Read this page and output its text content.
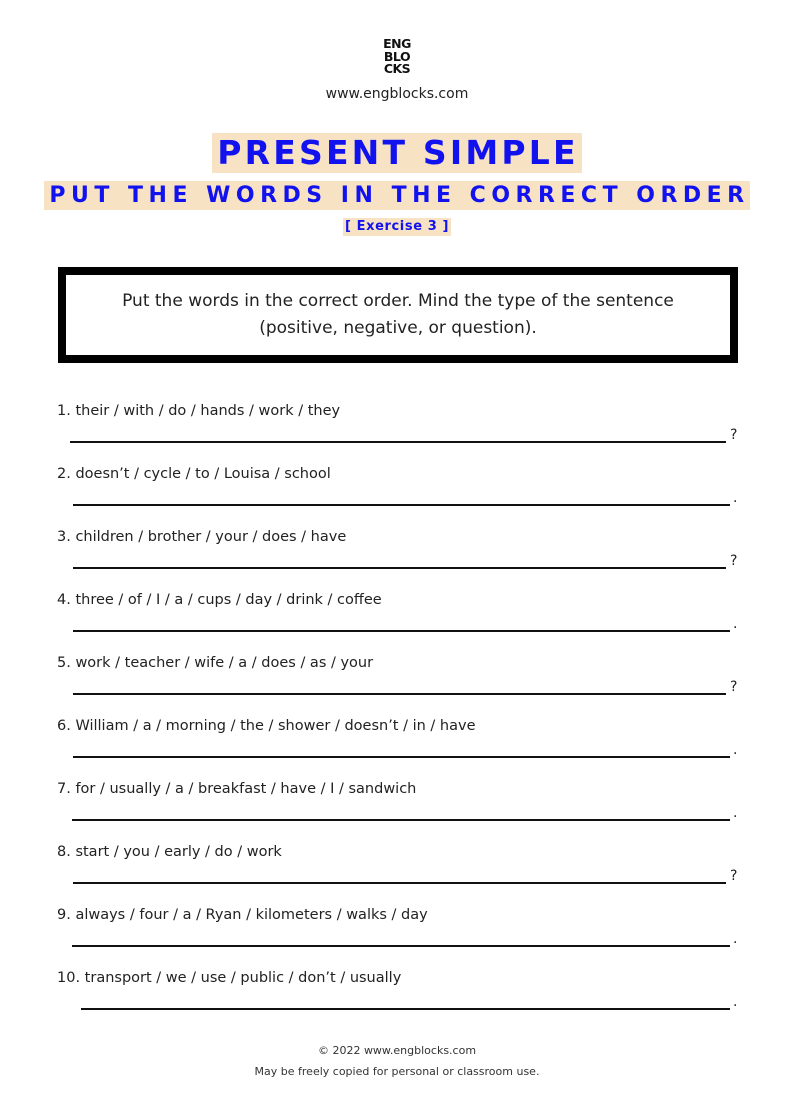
ENG
BLO
CKS
www.engblocks.com
PRESENT SIMPLE
PUT THE WORDS IN THE CORRECT ORDER
[ Exercise 3 ]
Put the words in the correct order. Mind the type of the sentence (positive, negative, or question).
1. their / with / do / hands / work / they
?
2. doesn’t / cycle / to / Louisa / school
.
3. children / brother / your / does / have
?
4. three / of / I / a / cups / day / drink / coffee
.
5. work / teacher / wife / a / does / as / your
?
6. William / a / morning / the / shower / doesn’t / in / have
.
7. for / usually / a / breakfast / have / I / sandwich
.
8. start / you / early / do / work
?
9. always / four / a / Ryan / kilometers / walks / day
.
10. transport / we / use / public / don’t / usually
.
© 2022 www.engblocks.com
May be freely copied for personal or classroom use.
